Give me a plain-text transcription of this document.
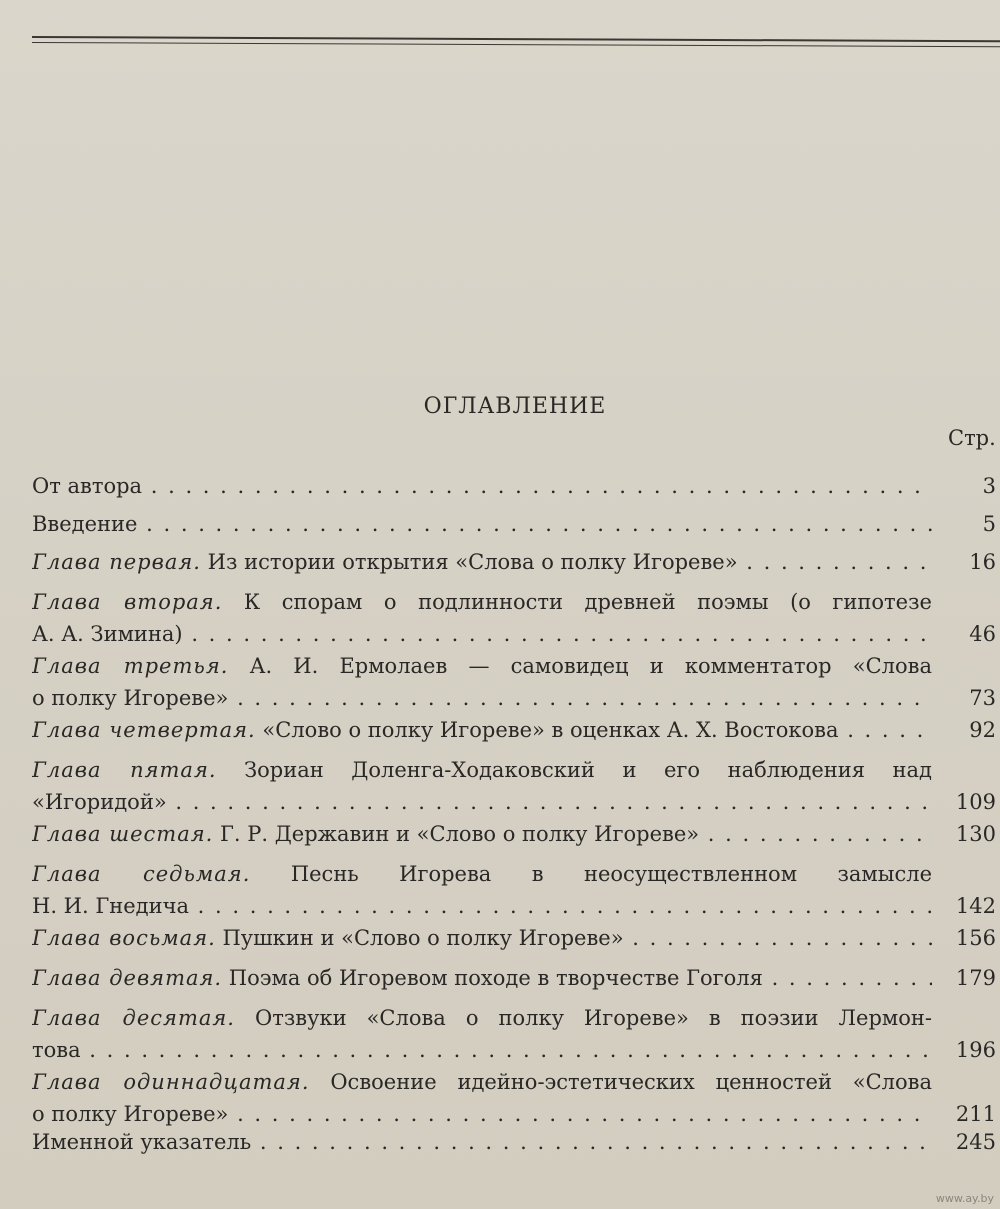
ОГЛАВЛЕНИЕ
Стр.
От автора . .	3
Введение . .	5
Глава первая. Из истории открытия «Слова о полку Игореве» . .	16
Глава вторая. К спорам о подлинности древней поэмы (о гипотезе
А. А. Зимина) . .	46
Глава третья. А. И. Ермолаев — самовидец и комментатор «Слова
о полку Игореве» . .	73
Глава четвертая. «Слово о полку Игореве» в оценках А. Х. Востокова . .	92
Глава пятая. Зориан Доленга-Ходаковский и его наблюдения над
«Игоридой» . .	109
Глава шестая. Г. Р. Державин и «Слово о полку Игореве» . .	130
Глава седьмая. Песнь Игорева в неосуществленном замысле
Н. И. Гнедича . .	142
Глава восьмая. Пушкин и «Слово о полку Игореве» . .	156
Глава девятая. Поэма об Игоревом походе в творчестве Гоголя . .	179
Глава десятая. Отзвуки «Слова о полку Игореве» в поэзии Лермон-
това . .	196
Глава одиннадцатая. Освоение идейно-эстетических ценностей «Слова
о полку Игореве» . .	211
Именной указатель . .	245
www.ay.by
